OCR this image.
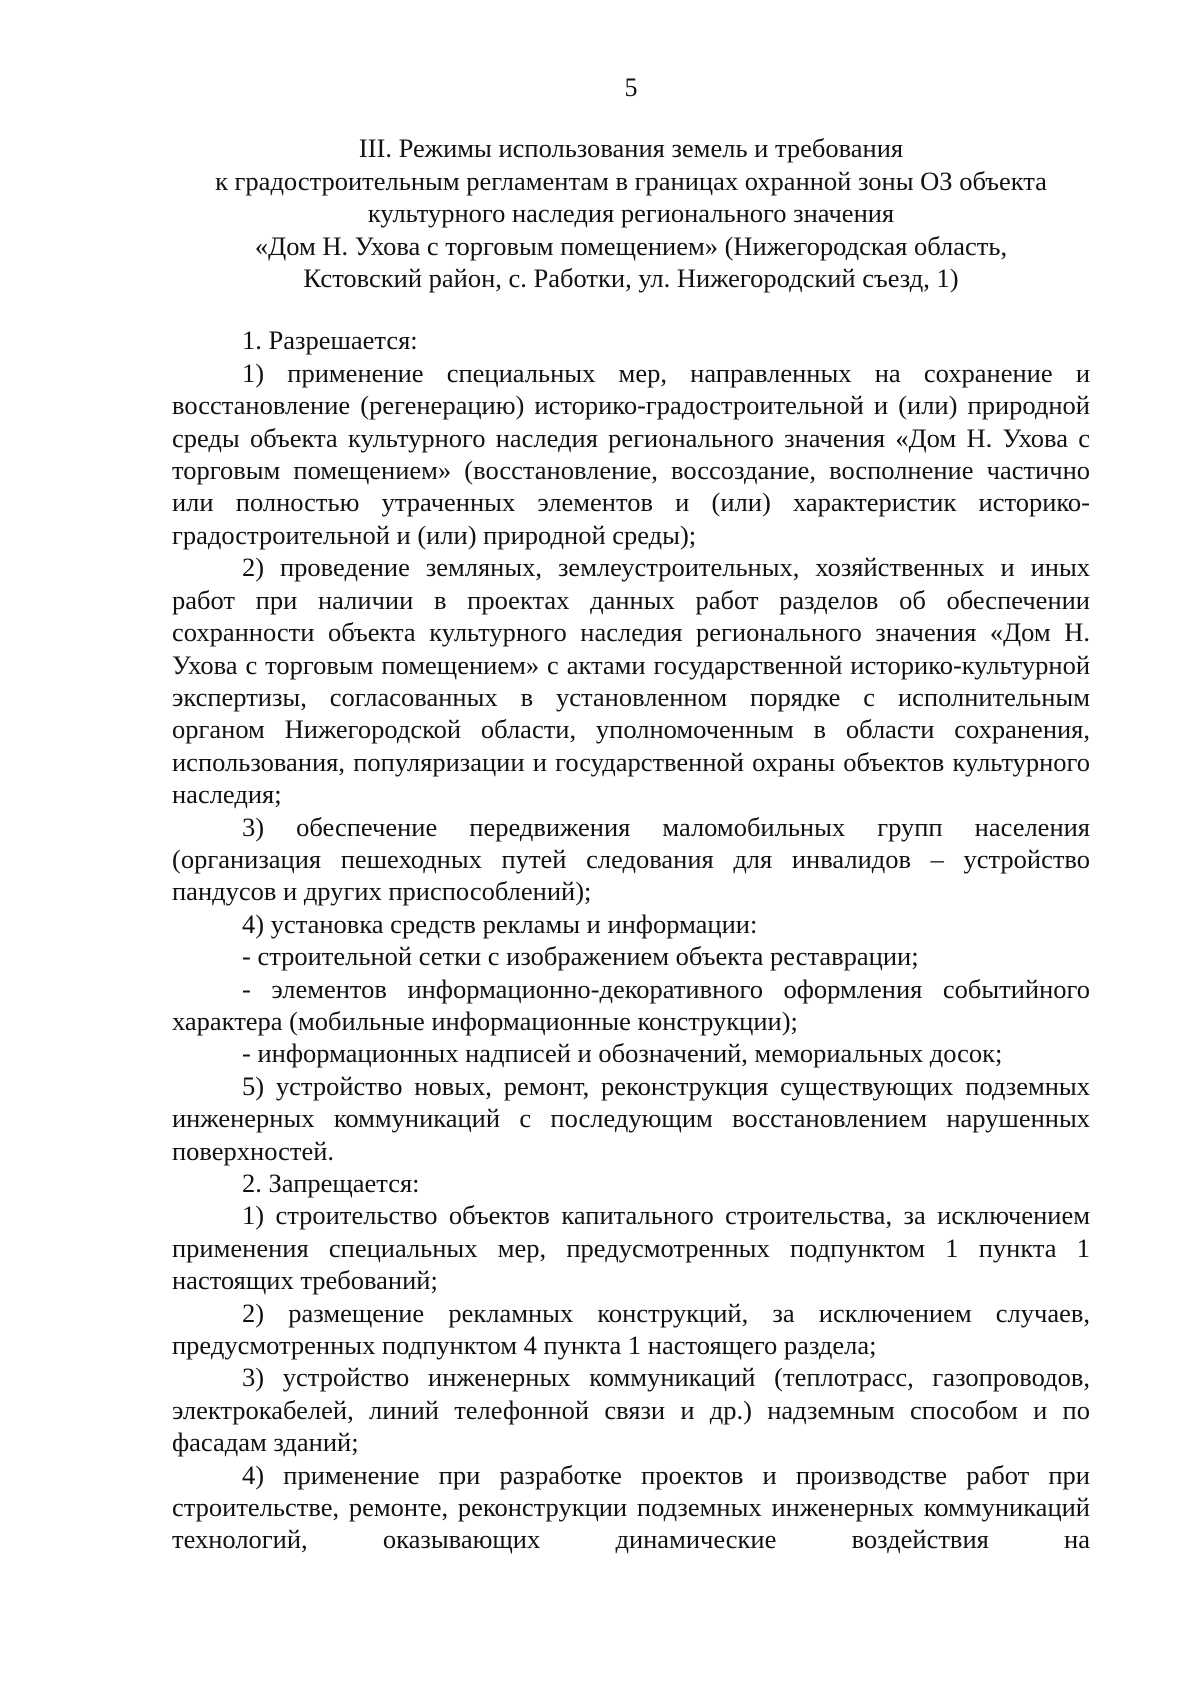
5
III. Режимы использования земель и требования
к градостроительным регламентам в границах охранной зоны ОЗ объекта
культурного наследия регионального значения
«Дом Н. Ухова с торговым помещением» (Нижегородская область,
Кстовский район, с. Работки, ул. Нижегородский съезд, 1)

1. Разрешается:

1) применение специальных мер, направленных на сохранение и восстановление (регенерацию) историко-градостроительной и (или) природной среды объекта культурного наследия регионального значения «Дом Н. Ухова с торговым помещением» (восстановление, воссоздание, восполнение частично или полностью утраченных элементов и (или) характеристик историко-градостроительной и (или) природной среды);

2) проведение земляных, землеустроительных, хозяйственных и иных работ при наличии в проектах данных работ разделов об обеспечении сохранности объекта культурного наследия регионального значения «Дом Н. Ухова с торговым помещением» с актами государственной историко-культурной экспертизы, согласованных в установленном порядке с исполнительным органом Нижегородской области, уполномоченным в области сохранения, использования, популяризации и государственной охраны объектов культурного наследия;

3) обеспечение передвижения маломобильных групп населения (организация пешеходных путей следования для инвалидов – устройство пандусов и других приспособлений);

4) установка средств рекламы и информации:

- строительной сетки с изображением объекта реставрации;

- элементов информационно-декоративного оформления событийного характера (мобильные информационные конструкции);

- информационных надписей и обозначений, мемориальных досок;

5) устройство новых, ремонт, реконструкция существующих подземных инженерных коммуникаций с последующим восстановлением нарушенных поверхностей.

2. Запрещается:

1) строительство объектов капитального строительства, за исключением применения специальных мер, предусмотренных подпунктом 1 пункта 1 настоящих требований;

2) размещение рекламных конструкций, за исключением случаев, предусмотренных подпунктом 4 пункта 1 настоящего раздела;

3) устройство инженерных коммуникаций (теплотрасс, газопроводов, электрокабелей, линий телефонной связи и др.) надземным способом и по фасадам зданий;

4) применение при разработке проектов и производстве работ при строительстве, ремонте, реконструкции подземных инженерных коммуникаций технологий, оказывающих динамические воздействия на
